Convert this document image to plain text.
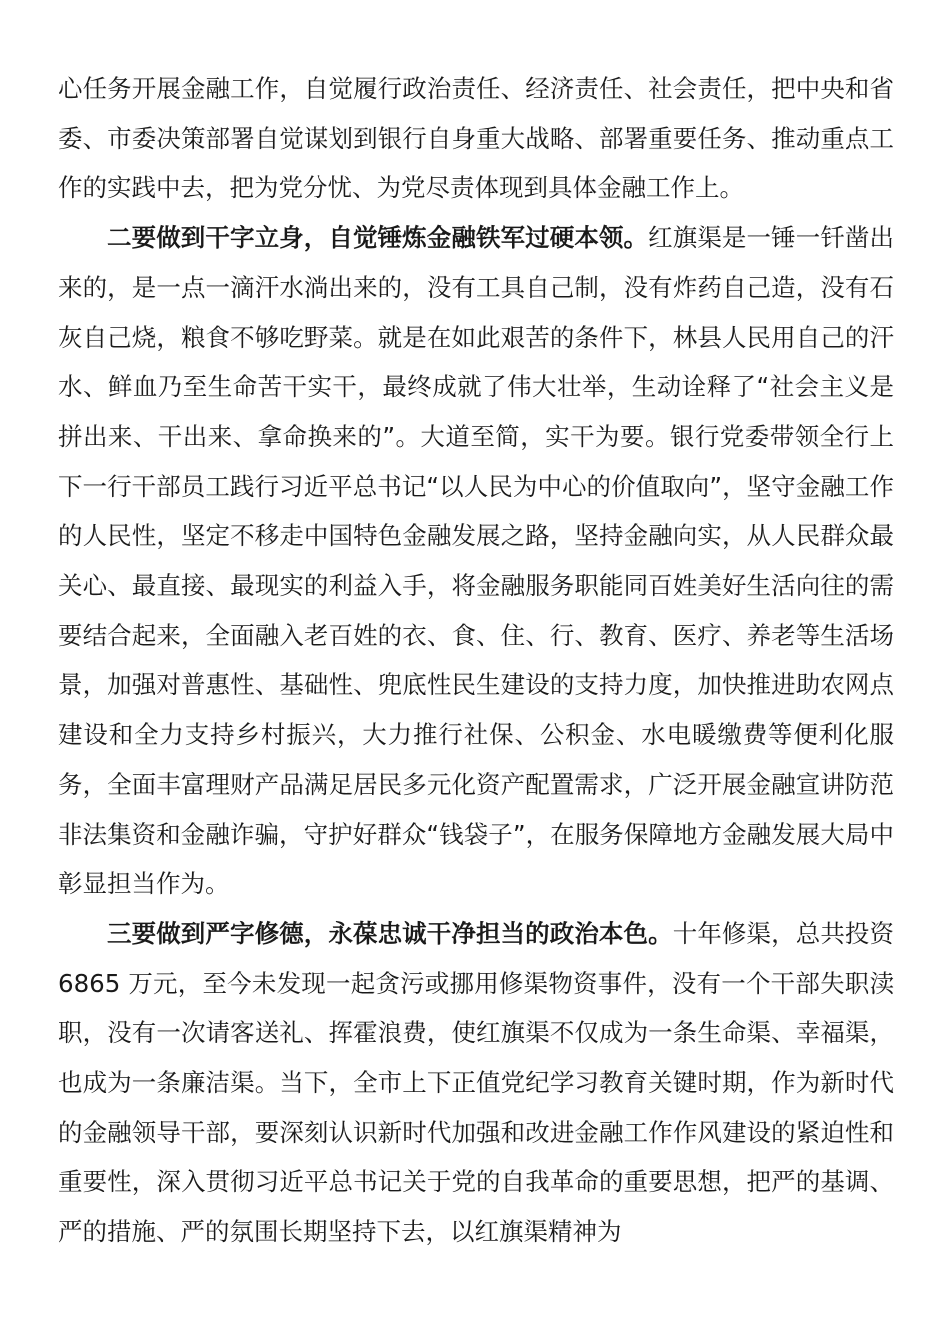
心任务开展金融工作，自觉履行政治责任、经济责任、社会责任，把中央和省委、市委决策部署自觉谋划到银行自身重大战略、部署重要任务、推动重点工作的实践中去，把为党分忧、为党尽责体现到具体金融工作上。

二要做到干字立身，自觉锤炼金融铁军过硬本领。红旗渠是一锤一钎凿出来的，是一点一滴汗水淌出来的，没有工具自己制，没有炸药自己造，没有石灰自己烧，粮食不够吃野菜。就是在如此艰苦的条件下，林县人民用自己的汗水、鲜血乃至生命苦干实干，最终成就了伟大壮举，生动诠释了“社会主义是拼出来、干出来、拿命换来的”。大道至简，实干为要。银行党委带领全行上下一行干部员工践行习近平总书记“以人民为中心的价值取向”，坚守金融工作的人民性，坚定不移走中国特色金融发展之路，坚持金融向实，从人民群众最关心、最直接、最现实的利益入手，将金融服务职能同百姓美好生活向往的需要结合起来，全面融入老百姓的衣、食、住、行、教育、医疗、养老等生活场景，加强对普惠性、基础性、兜底性民生建设的支持力度，加快推进助农网点建设和全力支持乡村振兴，大力推行社保、公积金、水电暖缴费等便利化服务，全面丰富理财产品满足居民多元化资产配置需求，广泛开展金融宣讲防范非法集资和金融诈骗，守护好群众“钱袋子”，在服务保障地方金融发展大局中彰显担当作为。

三要做到严字修德，永葆忠诚干净担当的政治本色。十年修渠，总共投资 6865 万元，至今未发现一起贪污或挪用修渠物资事件，没有一个干部失职渎职，没有一次请客送礼、挥霍浪费，使红旗渠不仅成为一条生命渠、幸福渠，也成为一条廉洁渠。当下，全市上下正值党纪学习教育关键时期，作为新时代的金融领导干部，要深刻认识新时代加强和改进金融工作作风建设的紧迫性和重要性，深入贯彻习近平总书记关于党的自我革命的重要思想，把严的基调、严的措施、严的氛围长期坚持下去，以红旗渠精神为
